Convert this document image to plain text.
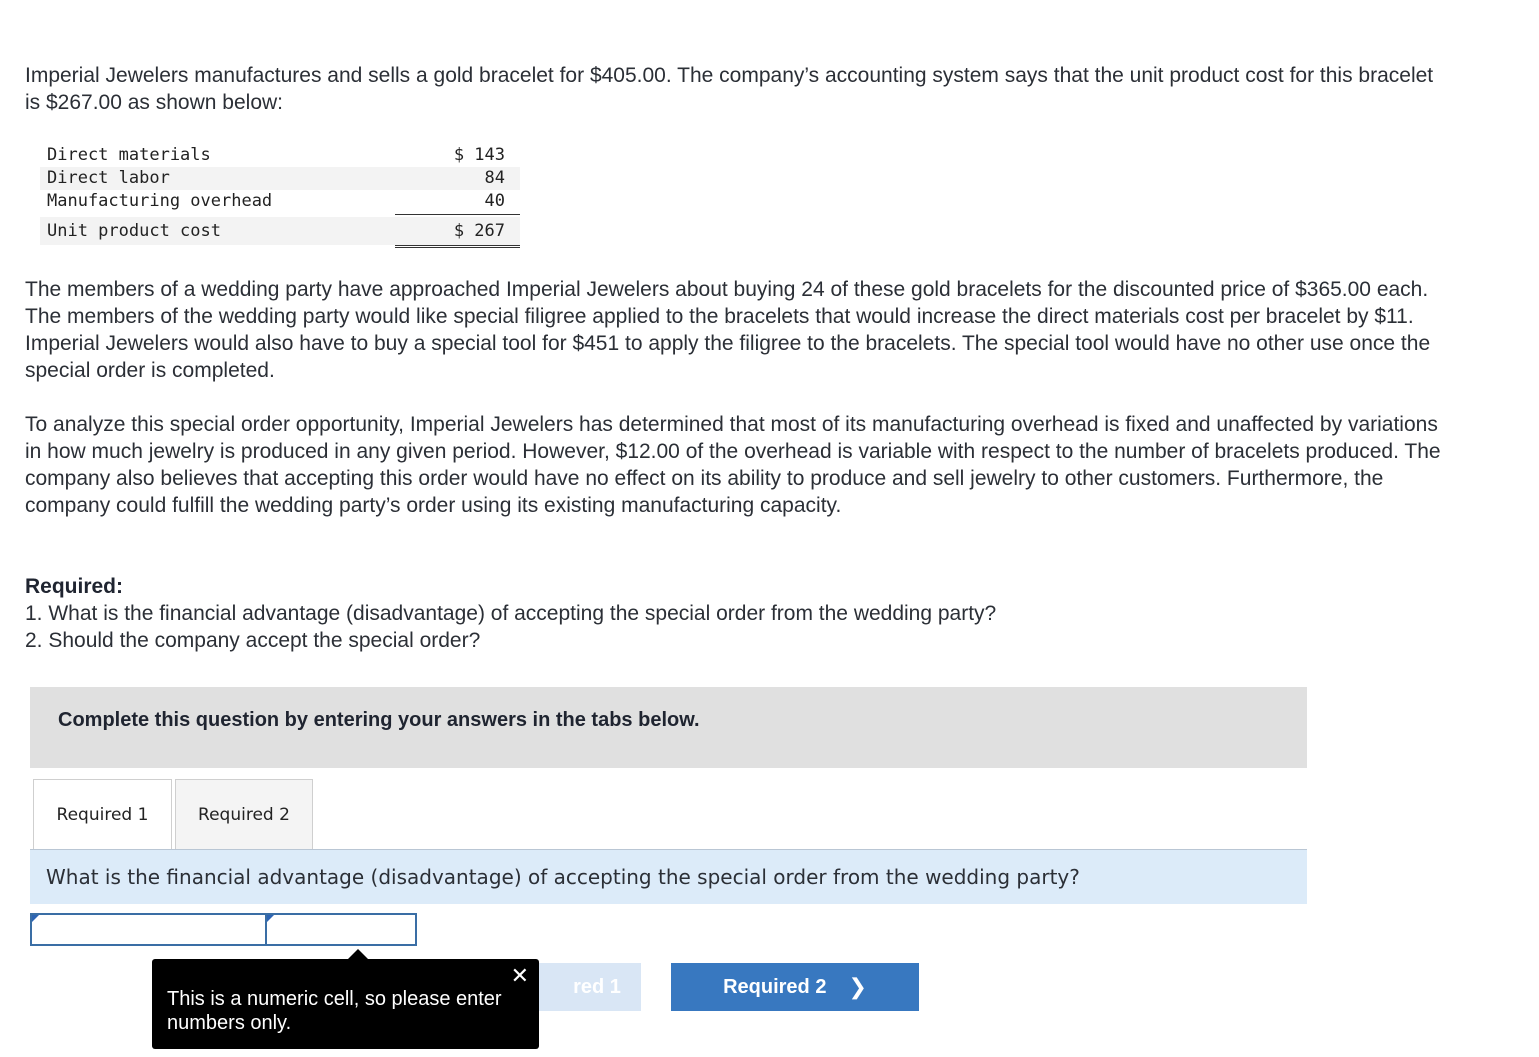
Imperial Jewelers manufactures and sells a gold bracelet for $405.00. The company’s accounting system says that the unit product cost for this bracelet is $267.00 as shown below:

Direct materials	$ 143
Direct labor	84
Manufacturing overhead	40
Unit product cost	$ 267

The members of a wedding party have approached Imperial Jewelers about buying 24 of these gold bracelets for the discounted price of $365.00 each. The members of the wedding party would like special filigree applied to the bracelets that would increase the direct materials cost per bracelet by $11. Imperial Jewelers would also have to buy a special tool for $451 to apply the filigree to the bracelets. The special tool would have no other use once the special order is completed.

To analyze this special order opportunity, Imperial Jewelers has determined that most of its manufacturing overhead is fixed and unaffected by variations in how much jewelry is produced in any given period. However, $12.00 of the overhead is variable with respect to the number of bracelets produced. The company also believes that accepting this order would have no effect on its ability to produce and sell jewelry to other customers. Furthermore, the company could fulfill the wedding party’s order using its existing manufacturing capacity.

Required:
1. What is the financial advantage (disadvantage) of accepting the special order from the wedding party?
2. Should the company accept the special order?
Complete this question by entering your answers in the tabs below.
Required 1	Required 2
What is the financial advantage (disadvantage) of accepting the special order from the wedding party?
red 1	Required 2 ❯
✕
This is a numeric cell, so please enter numbers only.
